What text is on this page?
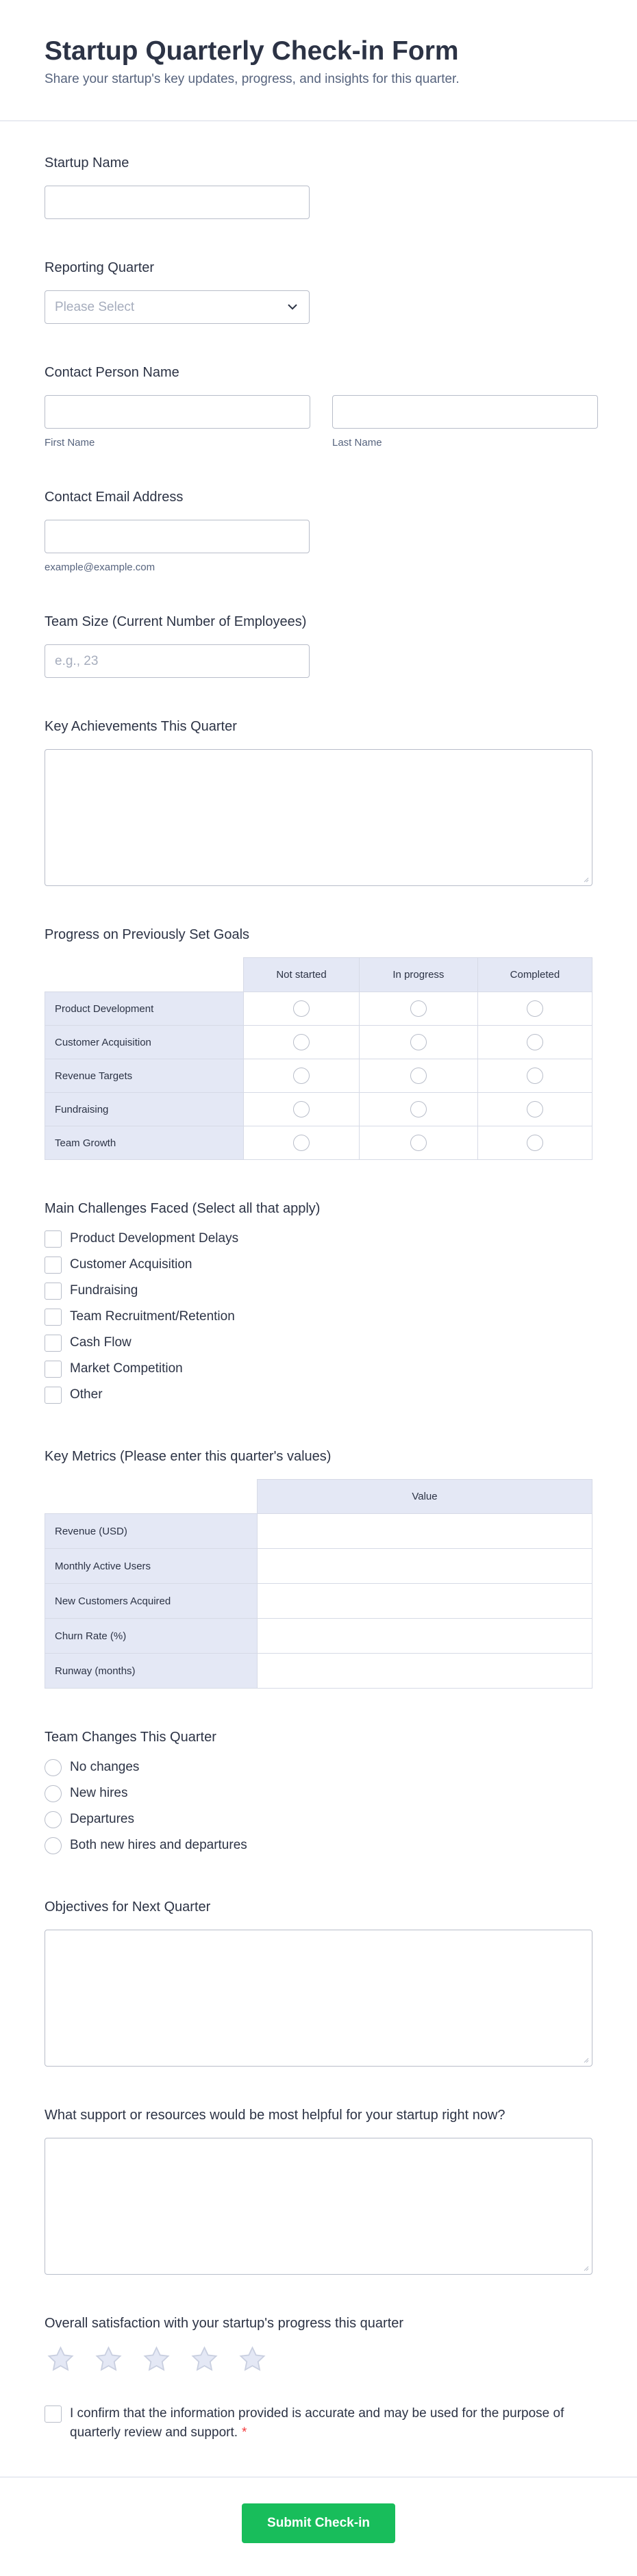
Startup Quarterly Check-in Form
Share your startup's key updates, progress, and insights for this quarter.
Startup Name
Reporting Quarter
Please Select
Contact Person Name
First Name	Last Name
Contact Email Address
example@example.com
Team Size (Current Number of Employees)
e.g., 23
Key Achievements This Quarter
Progress on Previously Set Goals
	Not started	In progress	Completed
Product Development			
Customer Acquisition			
Revenue Targets			
Fundraising			
Team Growth			
Main Challenges Faced (Select all that apply)
Product Development Delays
Customer Acquisition
Fundraising
Team Recruitment/Retention
Cash Flow
Market Competition
Other
Key Metrics (Please enter this quarter's values)
	Value
Revenue (USD)	
Monthly Active Users	
New Customers Acquired	
Churn Rate (%)	
Runway (months)	
Team Changes This Quarter
No changes
New hires
Departures
Both new hires and departures
Objectives for Next Quarter
What support or resources would be most helpful for your startup right now?
Overall satisfaction with your startup's progress this quarter
I confirm that the information provided is accurate and may be used for the purpose of quarterly review and support. *
Submit Check-in
